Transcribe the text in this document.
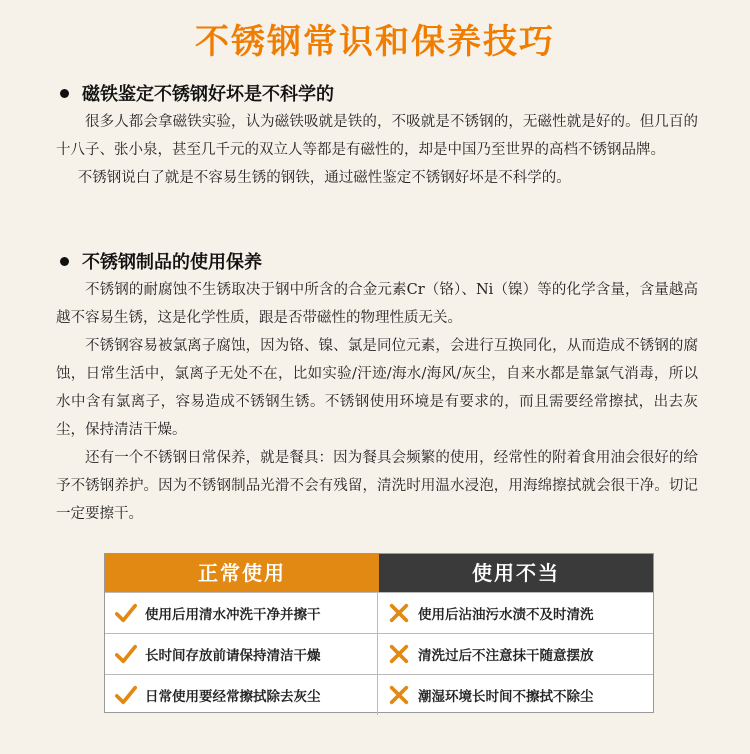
不锈钢常识和保养技巧
磁铁鉴定不锈钢好坏是不科学的

很多人都会拿磁铁实验，认为磁铁吸就是铁的，不吸就是不锈钢的，无磁性就是好的。但几百的十八子、张小泉，甚至几千元的双立人等都是有磁性的，却是中国乃至世界的高档不锈钢品牌。

不锈钢说白了就是不容易生锈的钢铁，通过磁性鉴定不锈钢好坏是不科学的。

不锈钢制品的使用保养

不锈钢的耐腐蚀不生锈取决于钢中所含的合金元素Cr（铬）、Ni（镍）等的化学含量，含量越高越不容易生锈，这是化学性质，跟是否带磁性的物理性质无关。

不锈钢容易被氯离子腐蚀，因为铬、镍、氯是同位元素，会进行互换同化，从而造成不锈钢的腐蚀，日常生活中，氯离子无处不在，比如实验/汗迹/海水/海风/灰尘，自来水都是靠氯气消毒，所以水中含有氯离子，容易造成不锈钢生锈。不锈钢使用环境是有要求的，而且需要经常擦拭，出去灰尘，保持清洁干燥。

还有一个不锈钢日常保养，就是餐具：因为餐具会频繁的使用，经常性的附着食用油会很好的给予不锈钢养护。因为不锈钢制品光滑不会有残留，清洗时用温水浸泡，用海绵擦拭就会很干净。切记一定要擦干。

正常使用	使用不当
使用后用清水冲洗干净并擦干	使用后沾油污水渍不及时清洗
长时间存放前请保持清洁干燥	清洗过后不注意抹干随意摆放
日常使用要经常擦拭除去灰尘	潮湿环境长时间不擦拭不除尘
